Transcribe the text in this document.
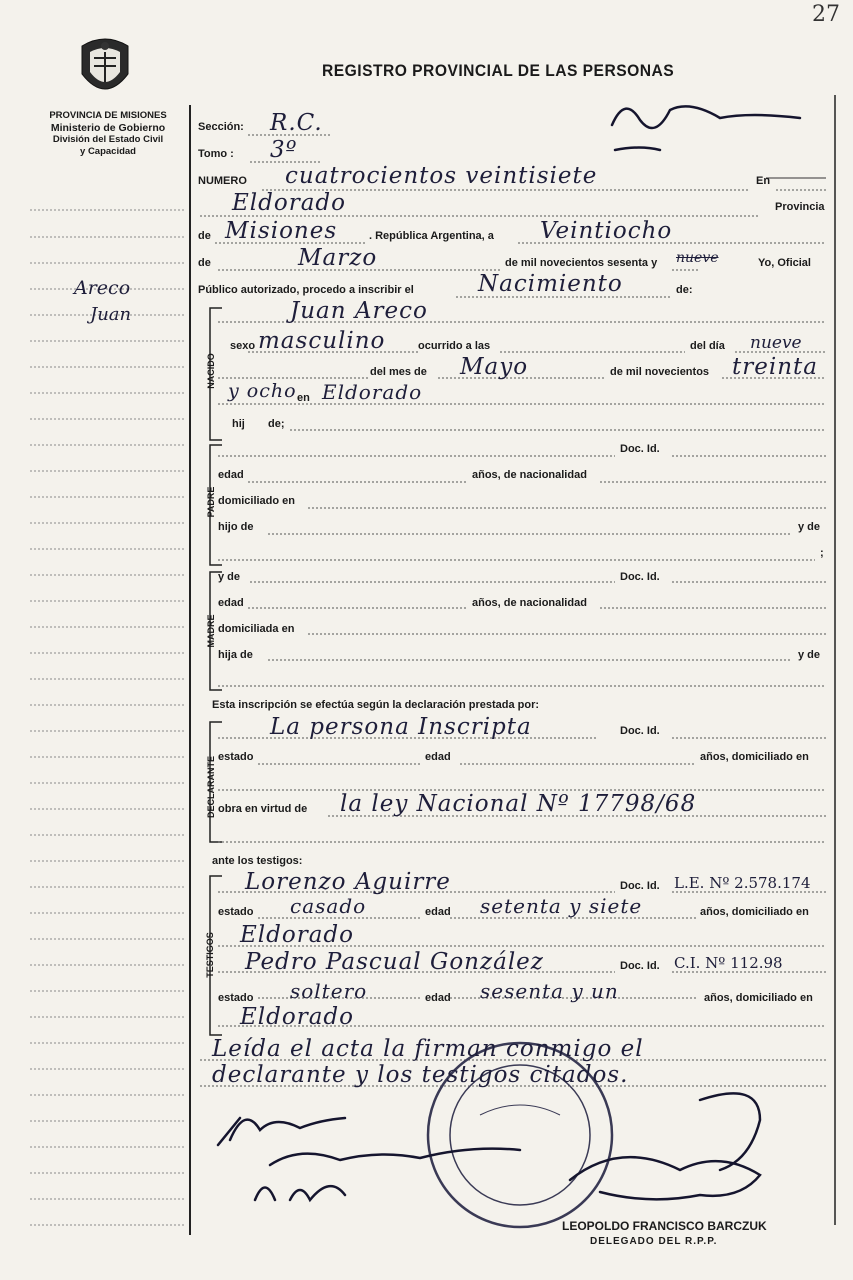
27
PROVINCIA DE MISIONES
Ministerio de Gobierno
División del Estado Civil
y Capacidad
REGISTRO PROVINCIAL DE LAS PERSONAS
Areco
Juan
NACIDO
PADRE
MADRE
DECLARANTE
TESTIGOS
Sección: R.C.
Tomo : 3º
NUMERO cuatrocientos veintisiete	En
Eldorado	Provincia
de Misiones	. República Argentina, a Veintiocho
de	Marzo	de mil novecientos sesenta y nueve	Yo, Oficial
Público autorizado, procedo a inscribir el	Nacimiento	de:
Juan Areco
sexo masculino	ocurrido a las	del día nueve
del mes de Mayo	de mil novecientos treinta
y ocho en Eldorado
hij de;
Doc. Id.
edad	años, de nacionalidad
domiciliado en
hijo de	y de
;
y de	Doc. Id.
edad	años, de nacionalidad
domiciliada en
hija de	y de
Esta inscripción se efectúa según la declaración prestada por:
La persona Inscripta	Doc. Id.
estado	edad	años, domiciliado en
obra en virtud de la ley Nacional Nº 17798/68
ante los testigos:
Lorenzo Aguirre	Doc. Id. L.E. Nº 2.578.174
estado casado	edad setenta y siete	años, domiciliado en
Eldorado
Pedro Pascual González	Doc. Id. C.I. Nº 112.98
estado soltero	edad sesenta y un	años, domiciliado en
Eldorado
Leída el acta la firman conmigo el
declarante y los testigos citados.
LEOPOLDO FRANCISCO BARCZUK
DELEGADO DEL R.P.P.
